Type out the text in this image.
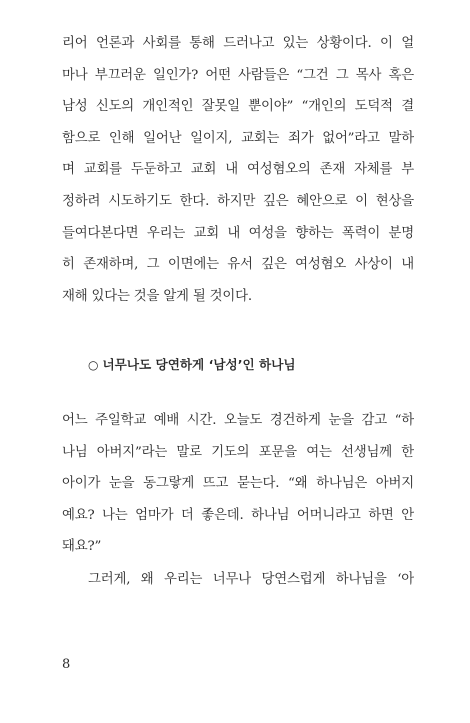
리어 언론과 사회를 통해 드러나고 있는 상황이다. 이 얼
마나 부끄러운 일인가? 어떤 사람들은 “그건 그 목사 혹은
남성 신도의 개인적인 잘못일 뿐이야” “개인의 도덕적 결
함으로 인해 일어난 일이지, 교회는 죄가 없어”라고 말하
며 교회를 두둔하고 교회 내 여성혐오의 존재 자체를 부
정하려 시도하기도 한다. 하지만 깊은 혜안으로 이 현상을
들여다본다면 우리는 교회 내 여성을 향하는 폭력이 분명
히 존재하며, 그 이면에는 유서 깊은 여성혐오 사상이 내
재해 있다는 것을 알게 될 것이다.
○ 너무나도 당연하게 ‘남성’인 하나님
어느 주일학교 예배 시간. 오늘도 경건하게 눈을 감고 “하
나님 아버지”라는 말로 기도의 포문을 여는 선생님께 한
아이가 눈을 동그랗게 뜨고 묻는다. “왜 하나님은 아버지
예요? 나는 엄마가 더 좋은데. 하나님 어머니라고 하면 안
돼요?”
그러게, 왜 우리는 너무나 당연스럽게 하나님을 ‘아
8
